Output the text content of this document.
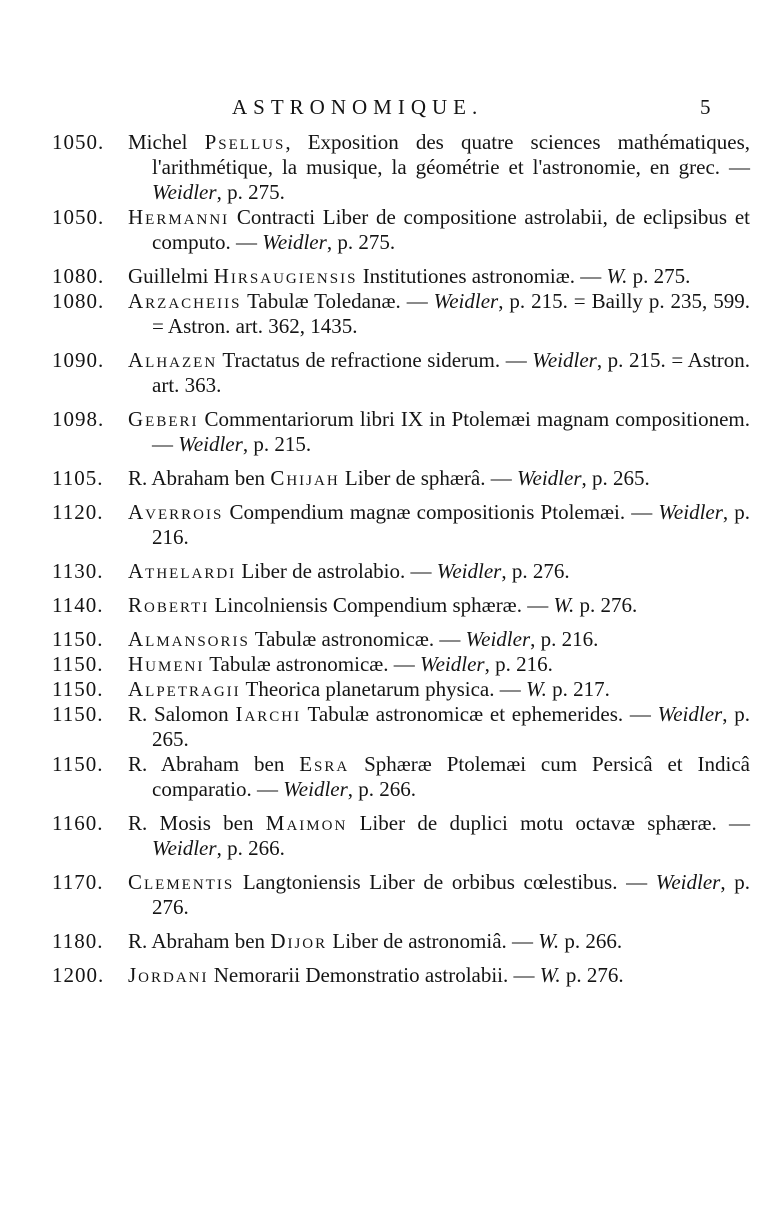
ASTRONOMIQUE.	5
1050.	Michel Psellus, Exposition des quatre sciences mathématiques, l'arithmétique, la musique, la géométrie et l'astronomie, en grec. — Weidler, p. 275.
1050.	Hermanni Contracti Liber de compositione astrolabii, de eclipsibus et computo. — Weidler, p. 275.
1080.	Guillelmi Hirsaugiensis Institutiones astronomiæ. — W. p. 275.
1080.	Arzacheiis Tabulæ Toledanæ. — Weidler, p. 215. = Bailly p. 235, 599. = Astron. art. 362, 1435.
1090.	Alhazen Tractatus de refractione siderum. — Weidler, p. 215. = Astron. art. 363.
1098.	Geberi Commentariorum libri IX in Ptolemæi magnam compositionem. — Weidler, p. 215.
1105.	R. Abraham ben Chijah Liber de sphærâ. — Weidler, p. 265.
1120.	Averrois Compendium magnæ compositionis Ptolemæi. — Weidler, p. 216.
1130.	Athelardi Liber de astrolabio. — Weidler, p. 276.
1140.	Roberti Lincolniensis Compendium sphæræ. — W. p. 276.
1150.	Almansoris Tabulæ astronomicæ. — Weidler, p. 216.
1150.	Humeni Tabulæ astronomicæ. — Weidler, p. 216.
1150.	Alpetragii Theorica planetarum physica. — W. p. 217.
1150.	R. Salomon Iarchi Tabulæ astronomicæ et ephemerides. — Weidler, p. 265.
1150.	R. Abraham ben Esra Sphæræ Ptolemæi cum Persicâ et Indicâ comparatio. — Weidler, p. 266.
1160.	R. Mosis ben Maimon Liber de duplici motu octavæ sphæræ. — Weidler, p. 266.
1170.	Clementis Langtoniensis Liber de orbibus cœlestibus. — Weidler, p. 276.
1180.	R. Abraham ben Dijor Liber de astronomiâ. — W. p. 266.
1200.	Jordani Nemorarii Demonstratio astrolabii. — W. p. 276.
